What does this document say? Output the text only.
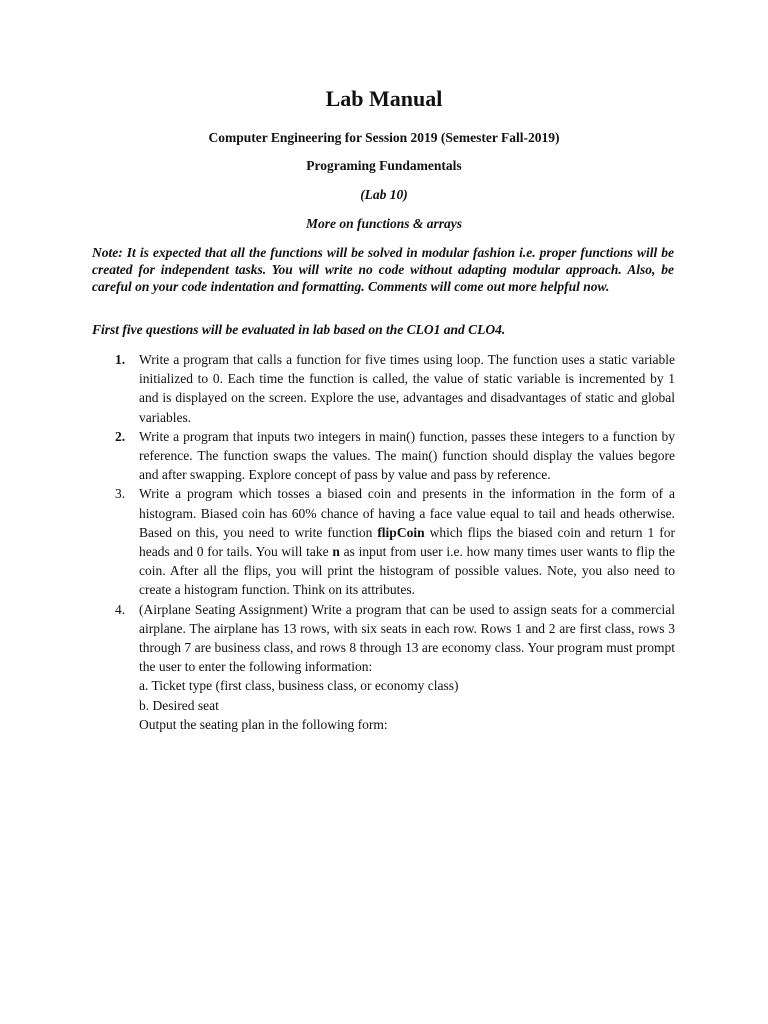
Lab Manual
Computer Engineering for Session 2019 (Semester Fall-2019)
Programing Fundamentals
(Lab 10)
More on functions & arrays
Note: It is expected that all the functions will be solved in modular fashion i.e. proper functions will be created for independent tasks. You will write no code without adapting modular approach. Also, be careful on your code indentation and formatting. Comments will come out more helpful now.
First five questions will be evaluated in lab based on the CLO1 and CLO4.
1. Write a program that calls a function for five times using loop. The function uses a static variable initialized to 0. Each time the function is called, the value of static variable is incremented by 1 and is displayed on the screen. Explore the use, advantages and disadvantages of static and global variables.
2. Write a program that inputs two integers in main() function, passes these integers to a function by reference. The function swaps the values. The main() function should display the values begore and after swapping. Explore concept of pass by value and pass by reference.
3. Write a program which tosses a biased coin and presents in the information in the form of a histogram. Biased coin has 60% chance of having a face value equal to tail and heads otherwise. Based on this, you need to write function flipCoin which flips the biased coin and return 1 for heads and 0 for tails. You will take n as input from user i.e. how many times user wants to flip the coin. After all the flips, you will print the histogram of possible values. Note, you also need to create a histogram function. Think on its attributes.
4. (Airplane Seating Assignment) Write a program that can be used to assign seats for a commercial airplane. The airplane has 13 rows, with six seats in each row. Rows 1 and 2 are first class, rows 3 through 7 are business class, and rows 8 through 13 are economy class. Your program must prompt the user to enter the following information:
a. Ticket type (first class, business class, or economy class)
b. Desired seat
Output the seating plan in the following form:
